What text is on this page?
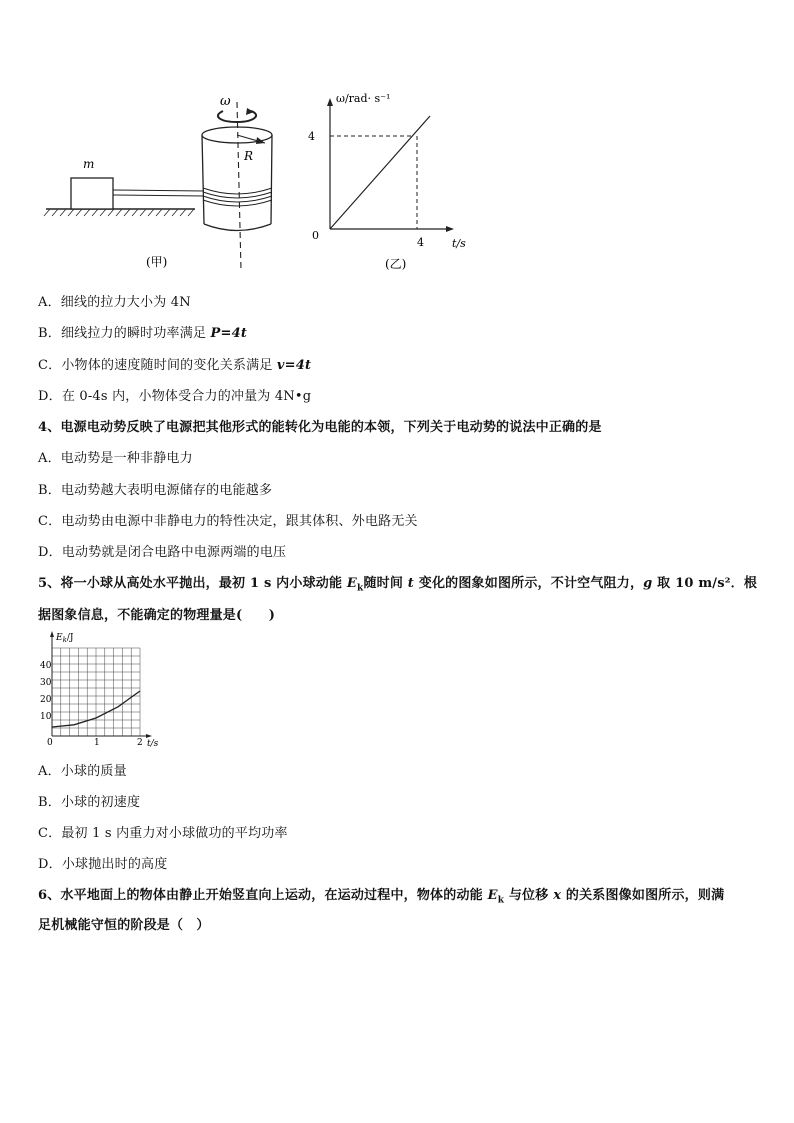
m
R
ω
(甲)
ω/rad· s⁻¹
t/s
0
4
4
(乙)
A．细线的拉力大小为 4N
B．细线拉力的瞬时功率满足 P=4t
C．小物体的速度随时间的变化关系满足 v=4t
D．在 0-4s 内，小物体受合力的冲量为 4N•g
4、电源电动势反映了电源把其他形式的能转化为电能的本领，下列关于电动势的说法中正确的是
A．电动势是一种非静电力
B．电动势越大表明电源储存的电能越多
C．电动势由电源中非静电力的特性决定，跟其体积、外电路无关
D．电动势就是闭合电路中电源两端的电压
5、将一小球从高处水平抛出，最初 1 s 内小球动能 $E_k$随时间 t 变化的图象如图所示，不计空气阻力，g 取 10 m/s²．根
据图象信息，不能确定的物理量是(　　)
$E_k/J$
40
30
20
10
0	1	2 t/s
A．小球的质量
B．小球的初速度
C．最初 1 s 内重力对小球做功的平均功率
D．小球抛出时的高度
6、水平地面上的物体由静止开始竖直向上运动，在运动过程中，物体的动能 $E_k$ 与位移 x 的关系图像如图所示，则满
足机械能守恒的阶段是（　）
